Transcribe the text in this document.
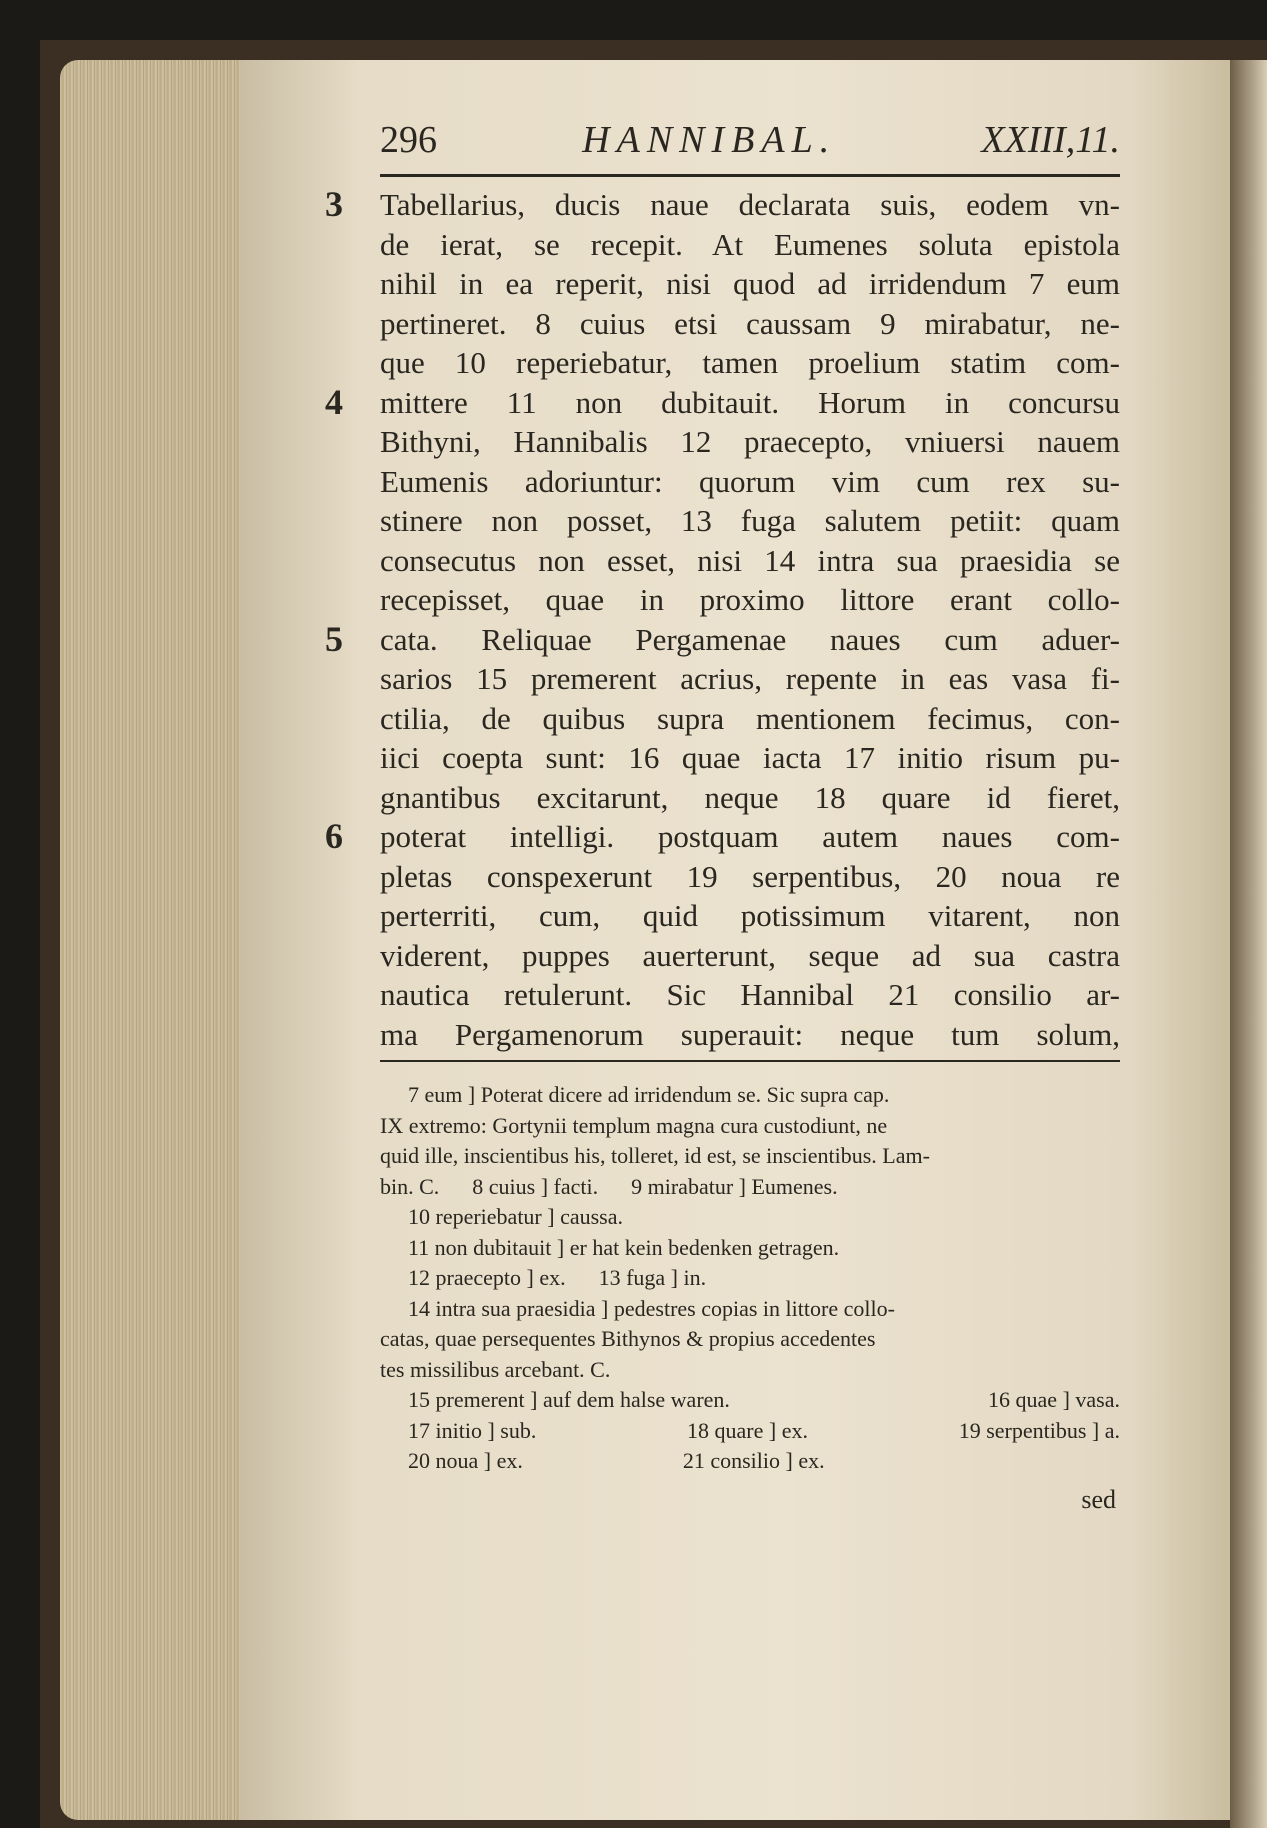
296	HANNIBAL.	XXIII,11.
3 Tabellarius, ducis naue declarata suis, eodem vn-
de ierat, se recepit. At Eumenes soluta epistola
nihil in ea reperit, nisi quod ad irridendum 7 eum
pertineret. 8 cuius etsi caussam 9 mirabatur, ne-
que 10 reperiebatur, tamen proelium statim com-
4 mittere 11 non dubitauit. Horum in concursu
Bithyni, Hannibalis 12 praecepto, vniuersi nauem
Eumenis adoriuntur: quorum vim cum rex su-
stinere non posset, 13 fuga salutem petiit: quam
consecutus non esset, nisi 14 intra sua praesidia se
recepisset, quae in proximo littore erant collo-
5 cata. Reliquae Pergamenae naues cum aduer-
sarios 15 premerent acrius, repente in eas vasa fi-
ctilia, de quibus supra mentionem fecimus, con-
iici coepta sunt: 16 quae iacta 17 initio risum pu-
gnantibus excitarunt, neque 18 quare id fieret,
6 poterat intelligi. postquam autem naues com-
pletas conspexerunt 19 serpentibus, 20 noua re
perterriti, cum, quid potissimum vitarent, non
viderent, puppes auerterunt, seque ad sua castra
nautica retulerunt. Sic Hannibal 21 consilio ar-
ma Pergamenorum superauit: neque tum solum,
7 eum ] Poterat dicere ad irridendum se. Sic supra cap.
IX extremo: Gortynii templum magna cura custodiunt, ne
quid ille, inscientibus his, tolleret, id est, se inscientibus. Lam-
bin. C.      8 cuius ] facti.      9 mirabatur ] Eumenes.
10 reperiebatur ] caussa.
11 non dubitauit ] er hat kein bedenken getragen.
12 praecepto ] ex.      13 fuga ] in.
14 intra sua praesidia ] pedestres copias in littore collo-
catas, quae persequentes Bithynos & propius accedentes
tes missilibus arcebant. C.
15 premerent ] auf dem halse waren.	16 quae ] vasa.
17 initio ] sub.	18 quare ] ex.	19 serpentibus ] a.
20 noua ] ex.	21 consilio ] ex.
sed
